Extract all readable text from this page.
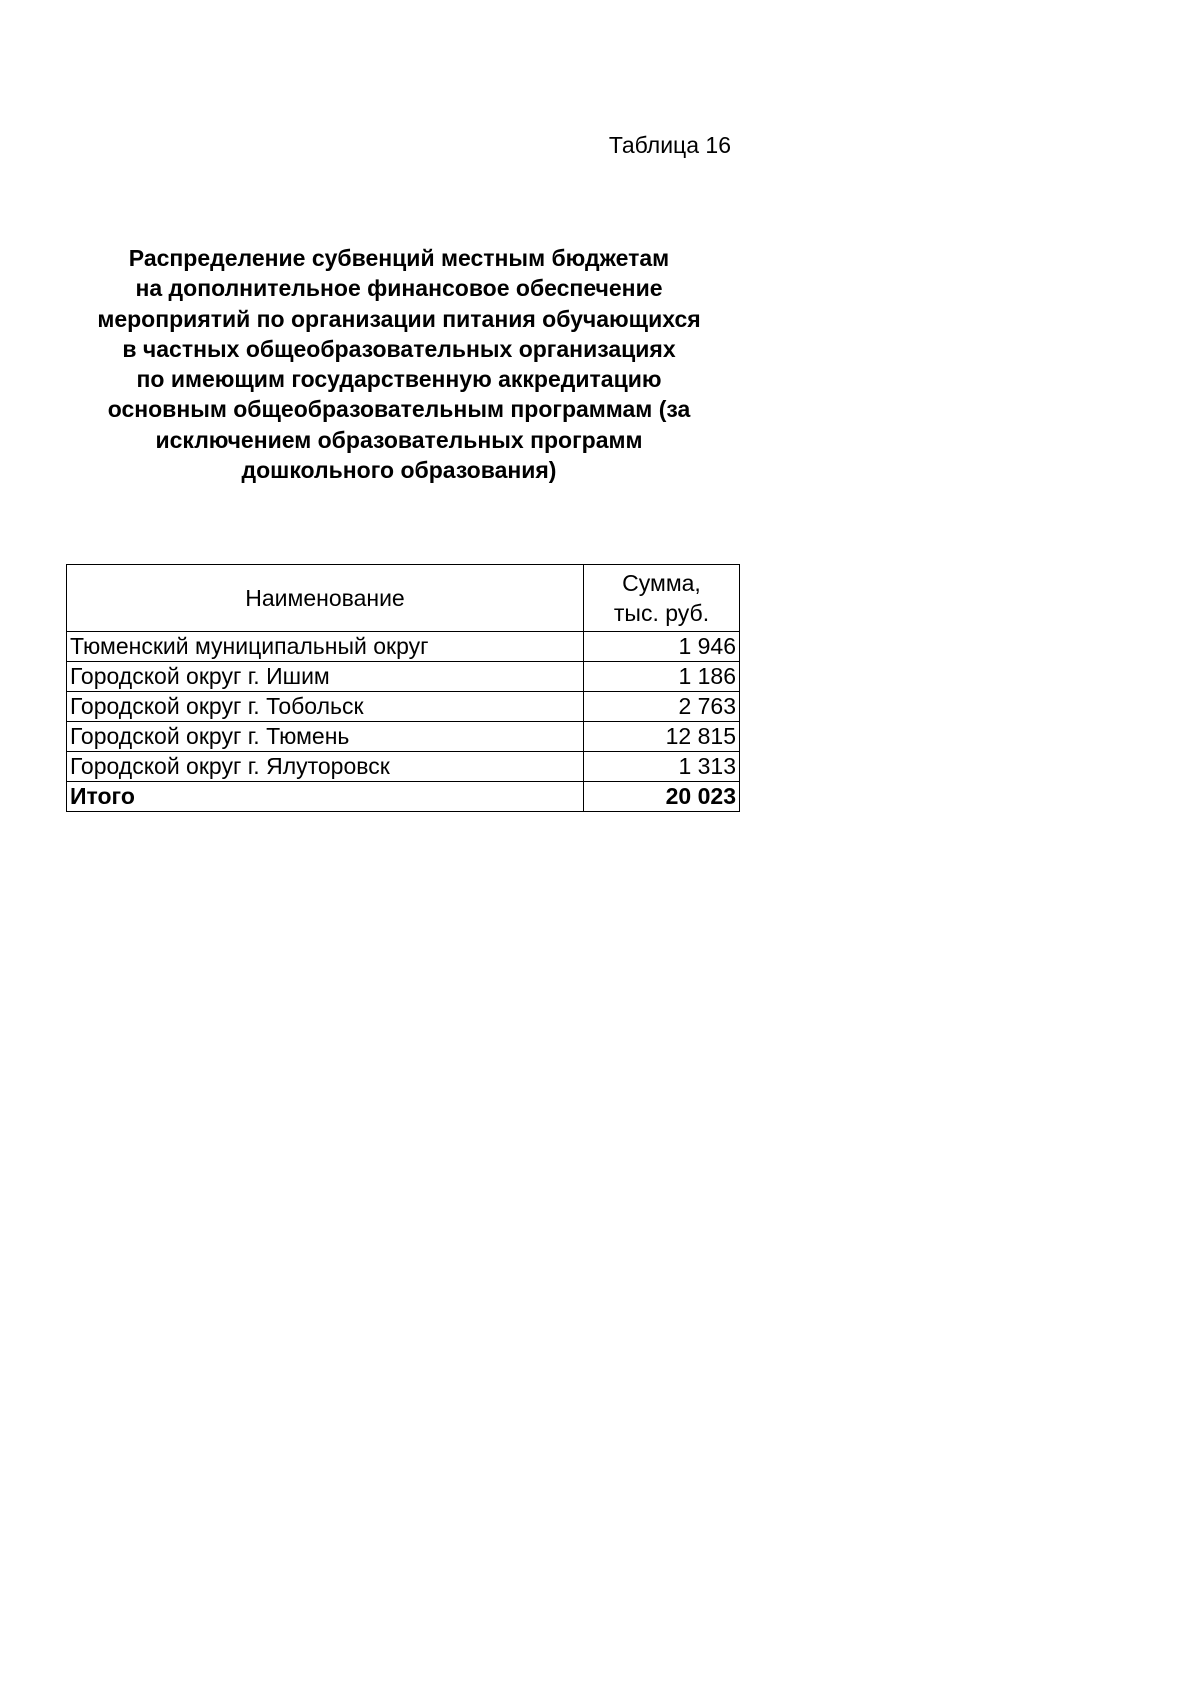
Таблица 16
Распределение субвенций местным бюджетам
на дополнительное финансовое обеспечение
мероприятий по организации питания обучающихся
в частных общеобразовательных организациях
по имеющим государственную аккредитацию
основным общеобразовательным программам (за
исключением образовательных программ
дошкольного образования)
Наименование	Сумма,
тыс. руб.

Тюменский муниципальный округ	1 946
Городской округ г. Ишим	1 186
Городской округ г. Тобольск	2 763
Городской округ г. Тюмень	12 815
Городской округ г. Ялуторовск	1 313
Итого	20 023
